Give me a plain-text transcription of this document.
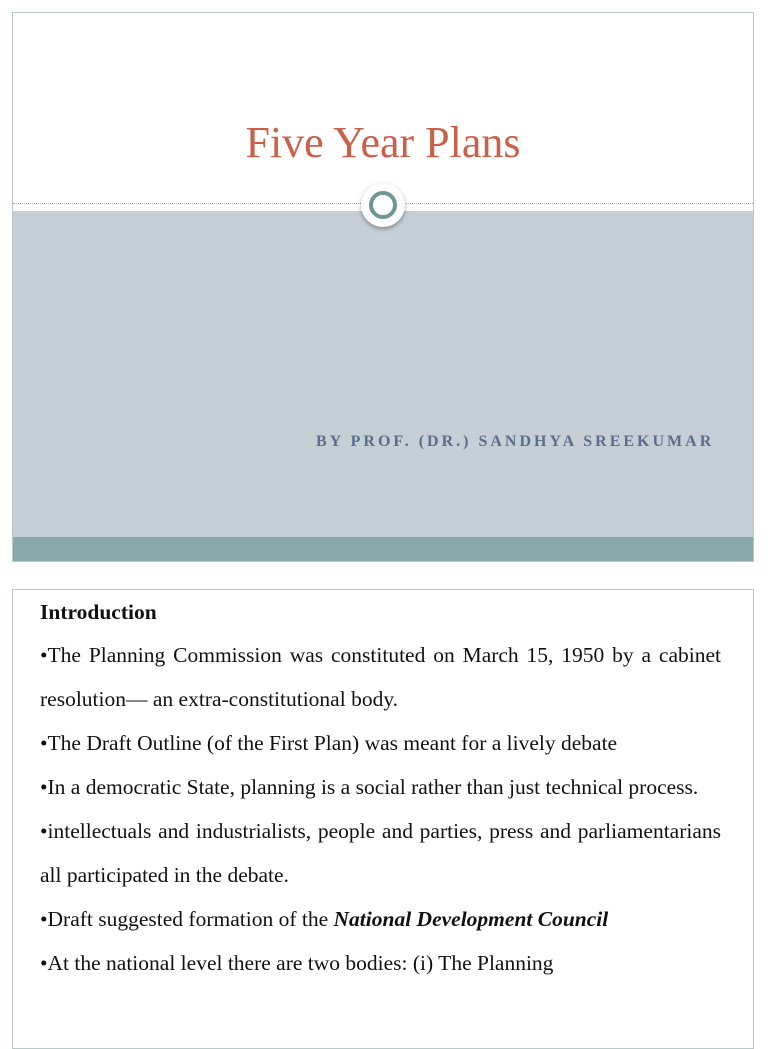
Five Year Plans
BY PROF. (DR.) SANDHYA SREEKUMAR
Introduction

•The Planning Commission was constituted on March 15, 1950 by a cabinet resolution— an extra-constitutional body.

•The Draft Outline (of the First Plan) was meant for a lively debate

•In a democratic State, planning is a social rather than just technical process.

•intellectuals and industrialists, people and parties, press and parliamentarians all participated in the debate.

•Draft suggested formation of the National Development Council

•At the national level there are two bodies: (i) The Planning
